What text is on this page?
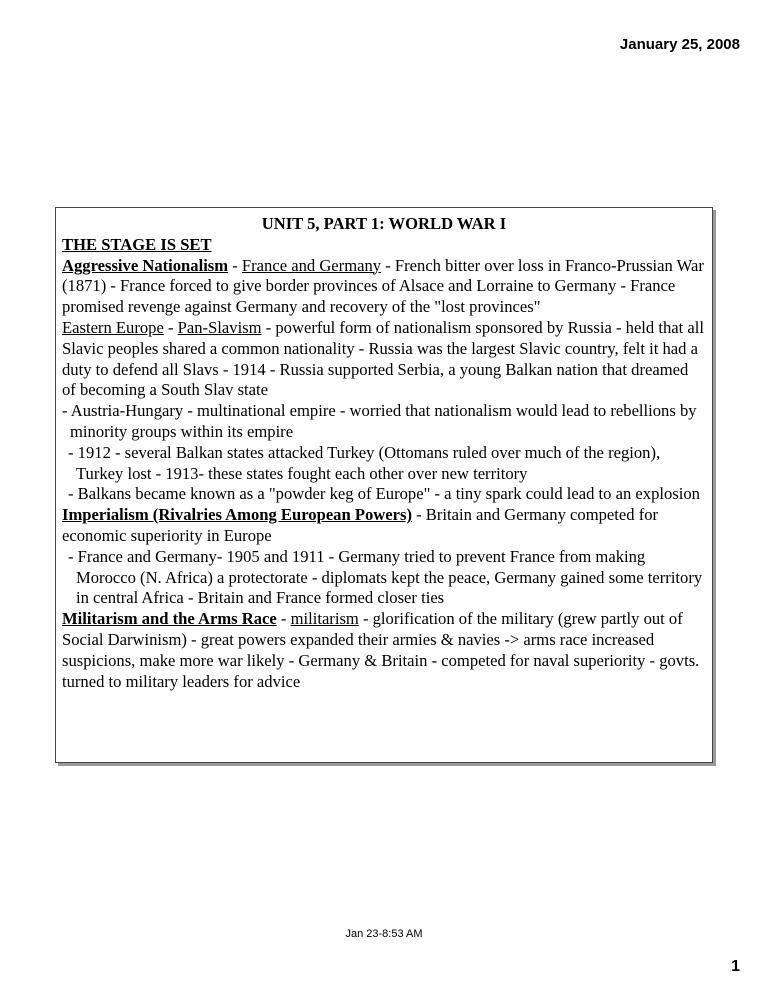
January 25, 2008

UNIT 5, PART 1: WORLD WAR I

THE STAGE IS SET

Aggressive Nationalism - France and Germany - French bitter over loss in Franco-Prussian War (1871) - France forced to give border provinces of Alsace and Lorraine to Germany - France promised revenge against Germany and recovery of the "lost provinces"

Eastern Europe - Pan-Slavism - powerful form of nationalism sponsored by Russia - held that all Slavic peoples shared a common nationality - Russia was the largest Slavic country, felt it had a duty to defend all Slavs - 1914 - Russia supported Serbia, a young Balkan nation that dreamed of becoming a South Slav state

- Austria-Hungary - multinational empire - worried that nationalism would lead to rebellions by minority groups within its empire

- 1912 - several Balkan states attacked Turkey (Ottomans ruled over much of the region), Turkey lost - 1913- these states fought each other over new territory

- Balkans became known as a "powder keg of Europe" - a tiny spark could lead to an explosion

Imperialism (Rivalries Among European Powers) - Britain and Germany competed for economic superiority in Europe

- France and Germany- 1905 and 1911 - Germany tried to prevent France from making Morocco (N. Africa) a protectorate - diplomats kept the peace, Germany gained some territory in central Africa - Britain and France formed closer ties

Militarism and the Arms Race - militarism - glorification of the military (grew partly out of Social Darwinism) - great powers expanded their armies & navies -> arms race increased suspicions, make more war likely - Germany & Britain - competed for naval superiority - govts. turned to military leaders for advice

Jan 23-8:53 AM
1
